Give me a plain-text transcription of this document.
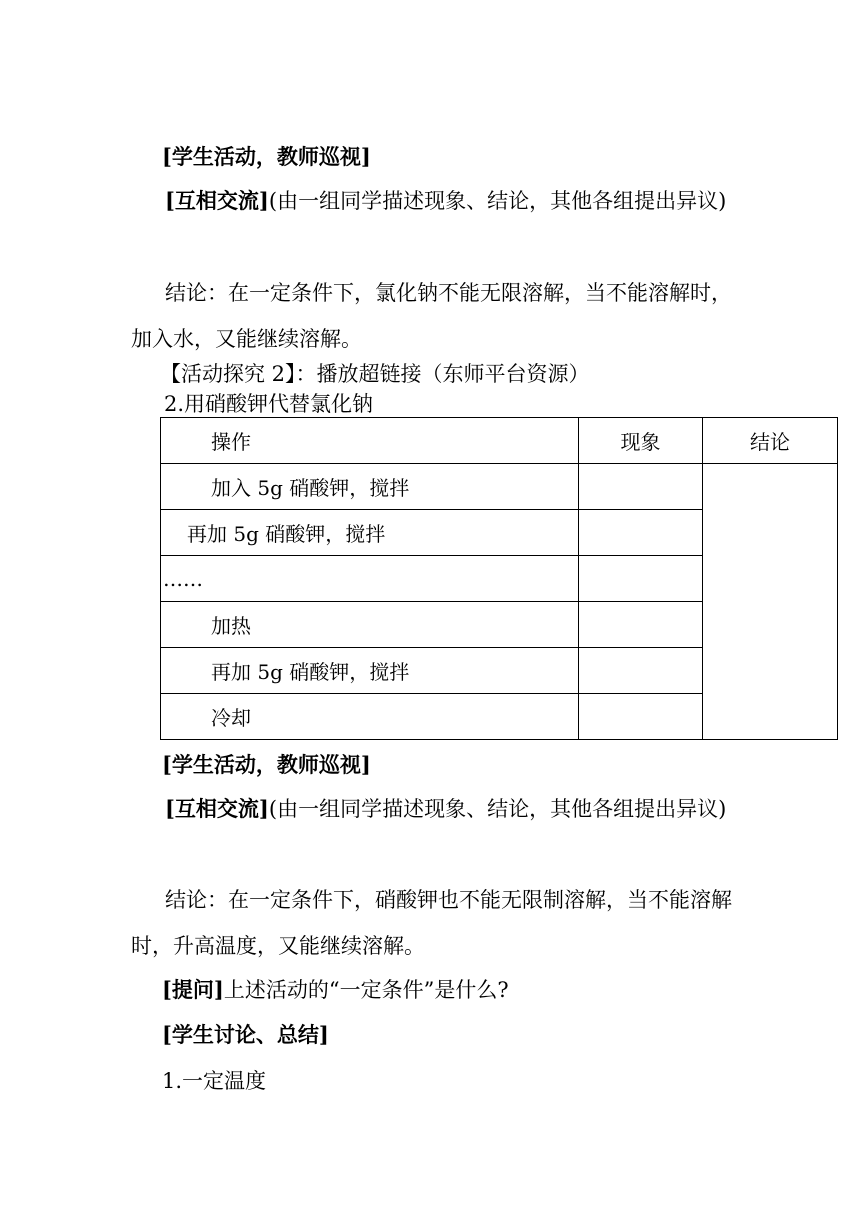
[学生活动，教师巡视]
[互相交流](由一组同学描述现象、结论，其他各组提出异议)
结论：在一定条件下，氯化钠不能无限溶解，当不能溶解时，加入水，又能继续溶解。
【活动探究 2】：播放超链接（东师平台资源）
2.用硝酸钾代替氯化钠
操作	现象	结论
加入 5g 硝酸钾，搅拌		
再加 5g 硝酸钾，搅拌		
……		
加热		
再加 5g 硝酸钾，搅拌		
冷却		
[学生活动，教师巡视]
[互相交流](由一组同学描述现象、结论，其他各组提出异议)
结论：在一定条件下，硝酸钾也不能无限制溶解，当不能溶解时，升高温度，又能继续溶解。
[提问]上述活动的“一定条件”是什么?
[学生讨论、总结]
1.一定温度
